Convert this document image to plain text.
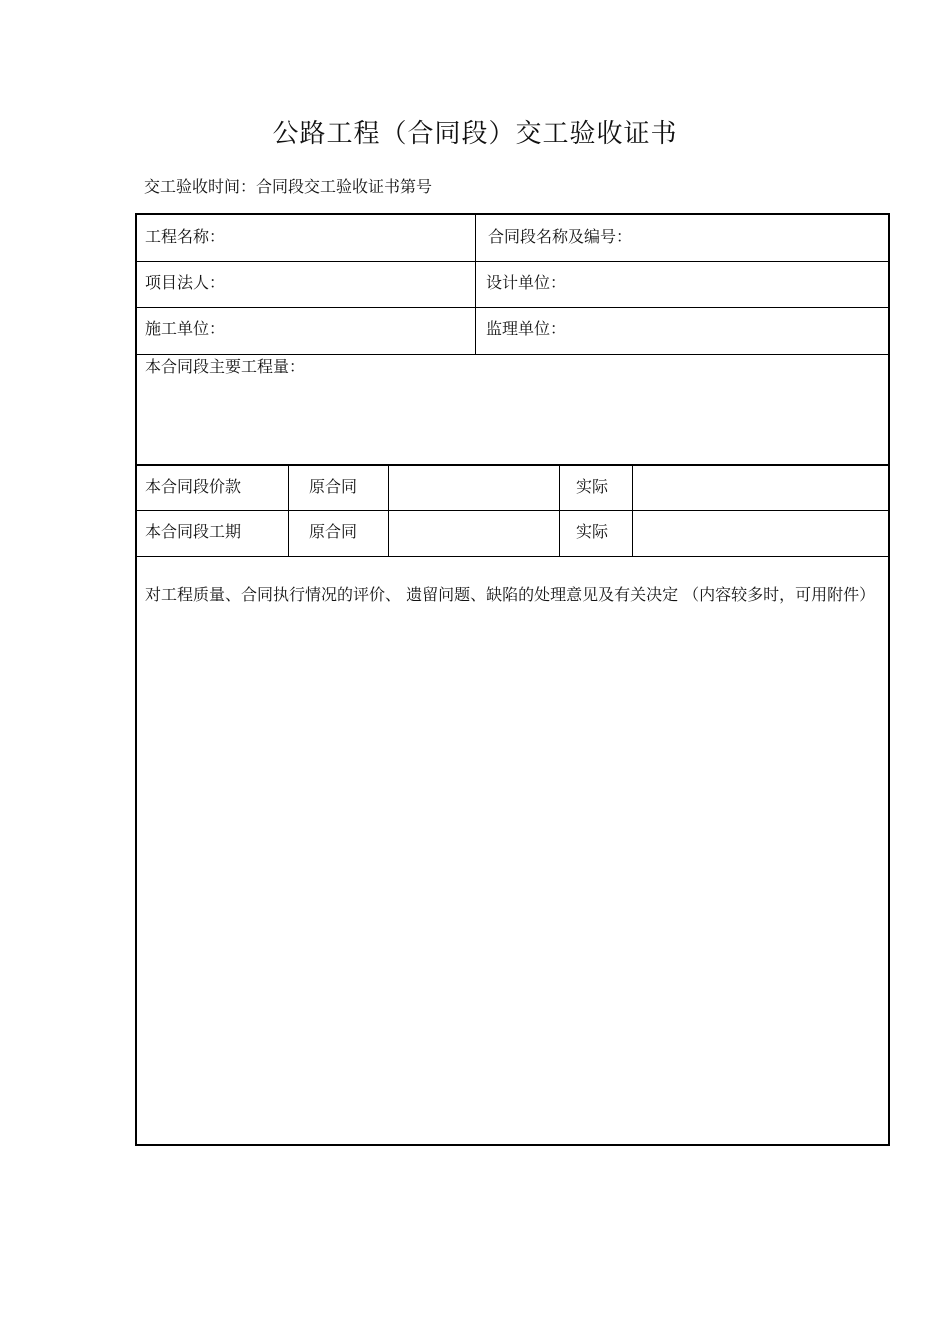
公路工程（合同段）交工验收证书
交工验收时间：合同段交工验收证书第号
工程名称：	合同段名称及编号：
项目法人：	设计单位：
施工单位：	监理单位：
本合同段主要工程量：
本合同段价款	原合同	实际
本合同段工期	原合同	实际
对工程质量、合同执行情况的评价、 遗留问题、缺陷的处理意见及有关决定 （内容较多时，可用附件）
